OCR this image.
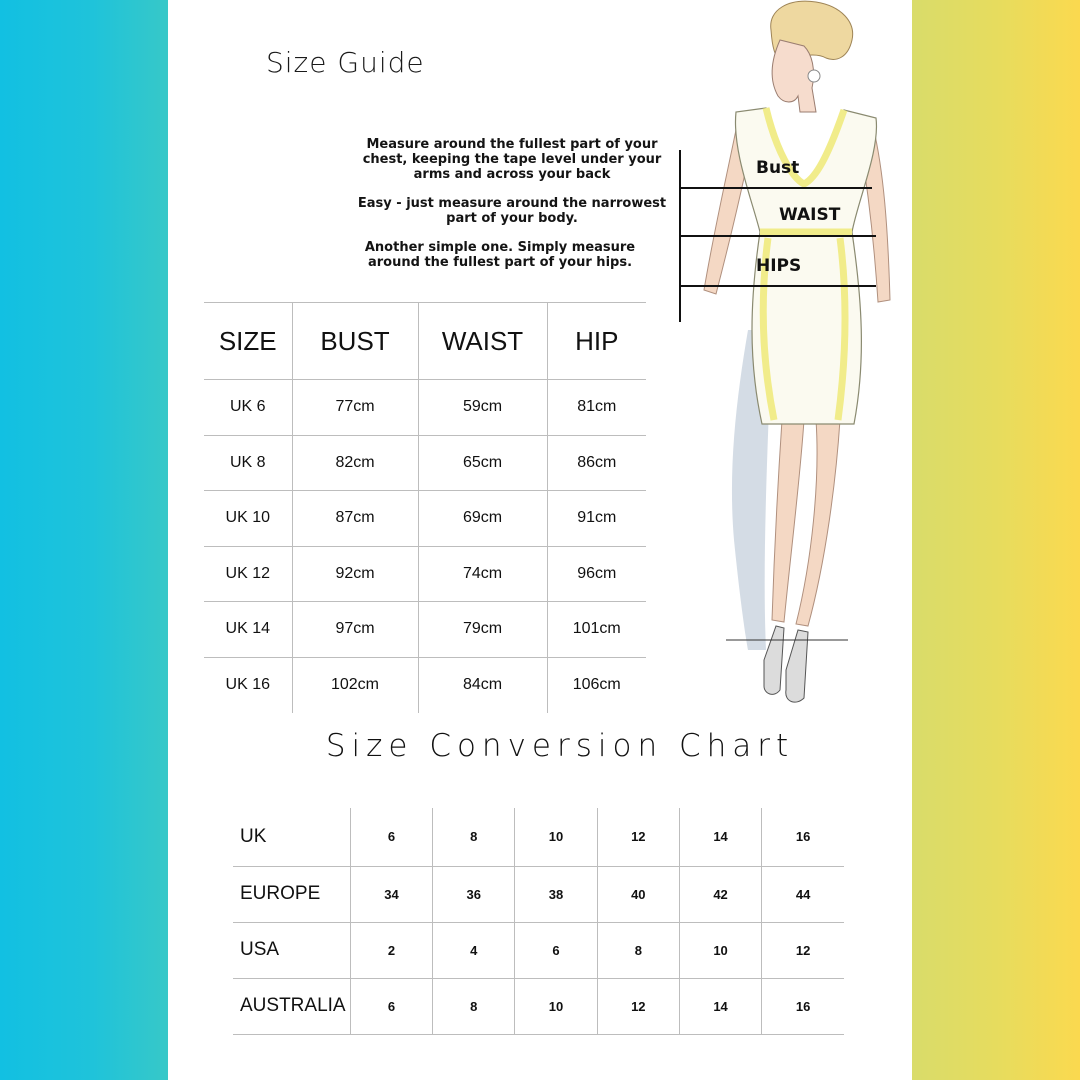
Size Guide
Measure around the fullest part of your chest, keeping the tape level under your arms and across your back
Easy - just measure around the narrowest part of your body.
Another simple one. Simply measure around the fullest part of your hips.
SIZE	BUST	WAIST	HIP
UK 6	77cm	59cm	81cm
UK 8	82cm	65cm	86cm
UK 10	87cm	69cm	91cm
UK 12	92cm	74cm	96cm
UK 14	97cm	79cm	101cm
UK 16	102cm	84cm	106cm
Bust
WAIST
HIPS
Size Conversion Chart
UK	6	8	10	12	14	16
EUROPE	34	36	38	40	42	44
USA	2	4	6	8	10	12
AUSTRALIA	6	8	10	12	14	16
